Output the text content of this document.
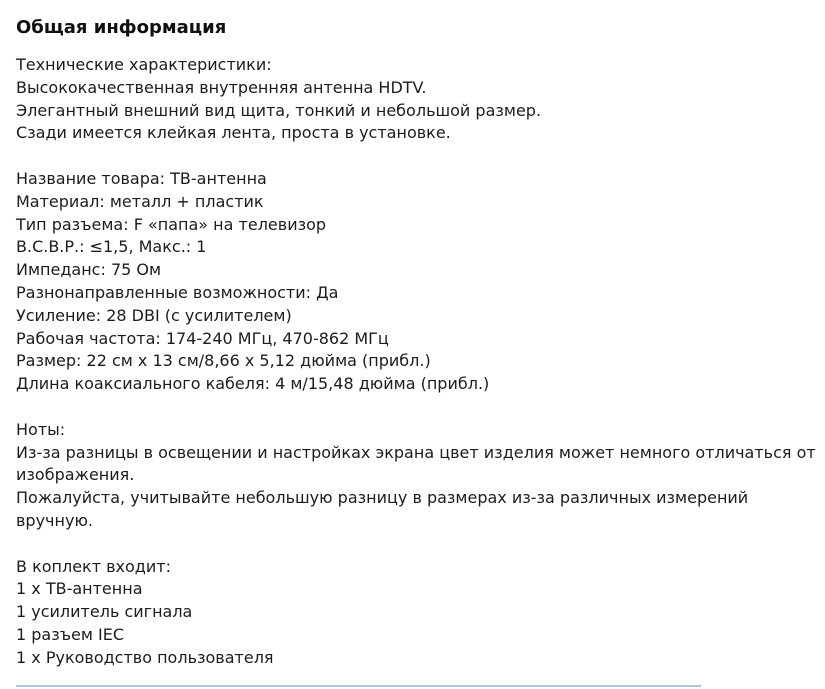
Общая информация
Технические характеристики:
Высококачественная внутренняя антенна HDTV.
Элегантный внешний вид щита, тонкий и небольшой размер.
Сзади имеется клейкая лента, проста в установке.
Название товара: ТВ-антенна
Материал: металл + пластик
Тип разъема: F «папа» на телевизор
В.С.В.Р.: ≤1,5, Макс.: 1
Импеданс: 75 Ом
Разнонаправленные возможности: Да
Усиление: 28 DBI (с усилителем)
Рабочая частота: 174-240 МГц, 470-862 МГц
Размер: 22 см x 13 см/8,66 x 5,12 дюйма (прибл.)
Длина коаксиального кабеля: 4 м/15,48 дюйма (прибл.)
Ноты:
Из-за разницы в освещении и настройках экрана цвет изделия может немного отличаться от изображения.
Пожалуйста, учитывайте небольшую разницу в размерах из-за различных измерений вручную.
В коплект входит:
1 x ТВ-антенна
1 усилитель сигнала
1 разъем IEC
1 x Руководство пользователя
